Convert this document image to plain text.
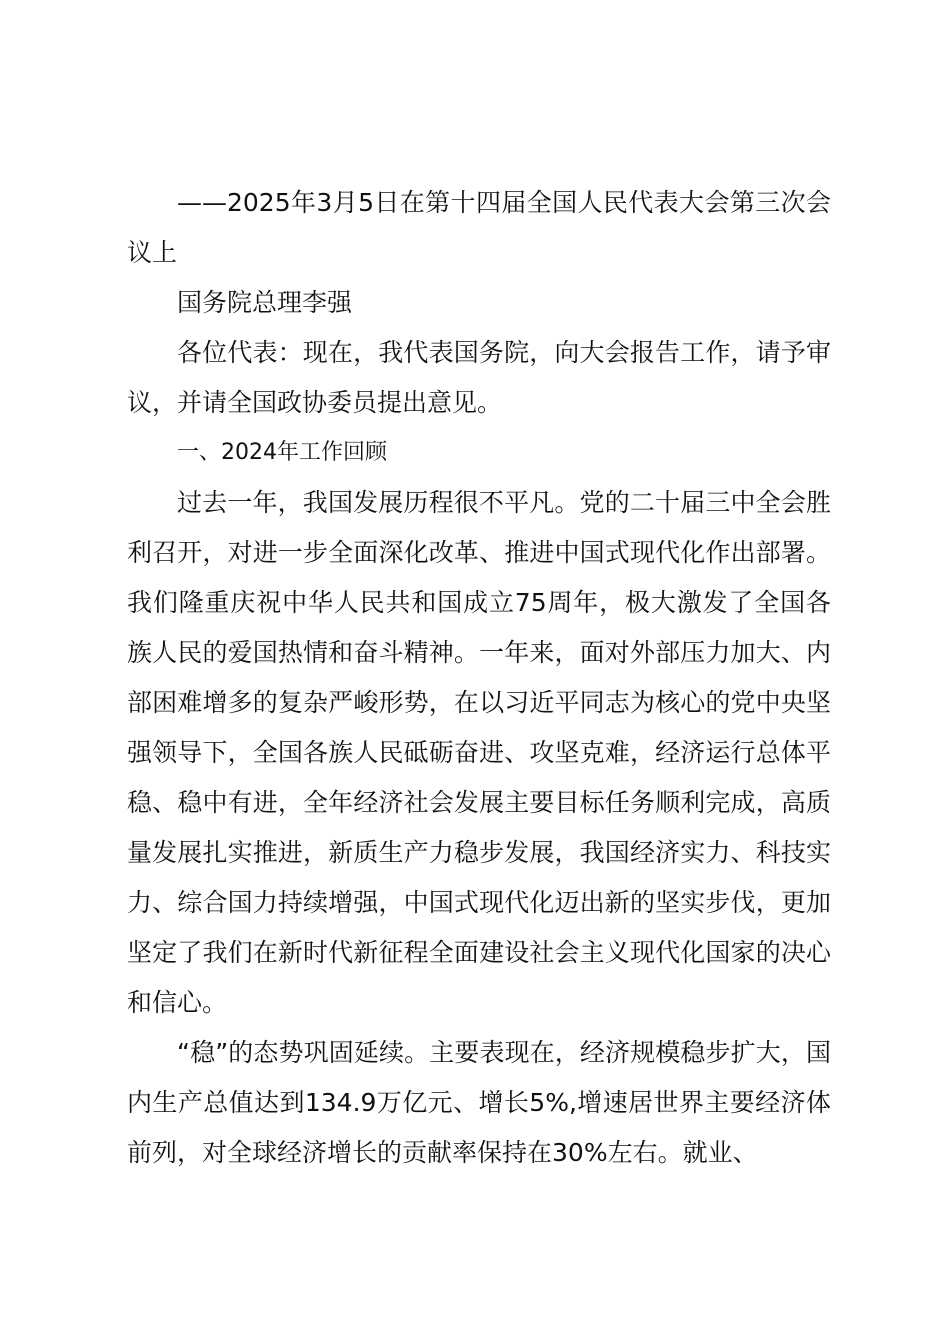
——2025年3月5日在第十四届全国人民代表大会第三次会议上

国务院总理李强

各位代表：现在，我代表国务院，向大会报告工作，请予审议，并请全国政协委员提出意见。

一、2024年工作回顾

过去一年，我国发展历程很不平凡。党的二十届三中全会胜利召开，对进一步全面深化改革、推进中国式现代化作出部署。我们隆重庆祝中华人民共和国成立75周年，极大激发了全国各族人民的爱国热情和奋斗精神。一年来，面对外部压力加大、内部困难增多的复杂严峻形势，在以习近平同志为核心的党中央坚强领导下，全国各族人民砥砺奋进、攻坚克难，经济运行总体平稳、稳中有进，全年经济社会发展主要目标任务顺利完成，高质量发展扎实推进，新质生产力稳步发展，我国经济实力、科技实力、综合国力持续增强，中国式现代化迈出新的坚实步伐，更加坚定了我们在新时代新征程全面建设社会主义现代化国家的决心和信心。

“稳”的态势巩固延续。主要表现在，经济规模稳步扩大，国内生产总值达到134.9万亿元、增长5%,增速居世界主要经济体前列，对全球经济增长的贡献率保持在30%左右。就业、
